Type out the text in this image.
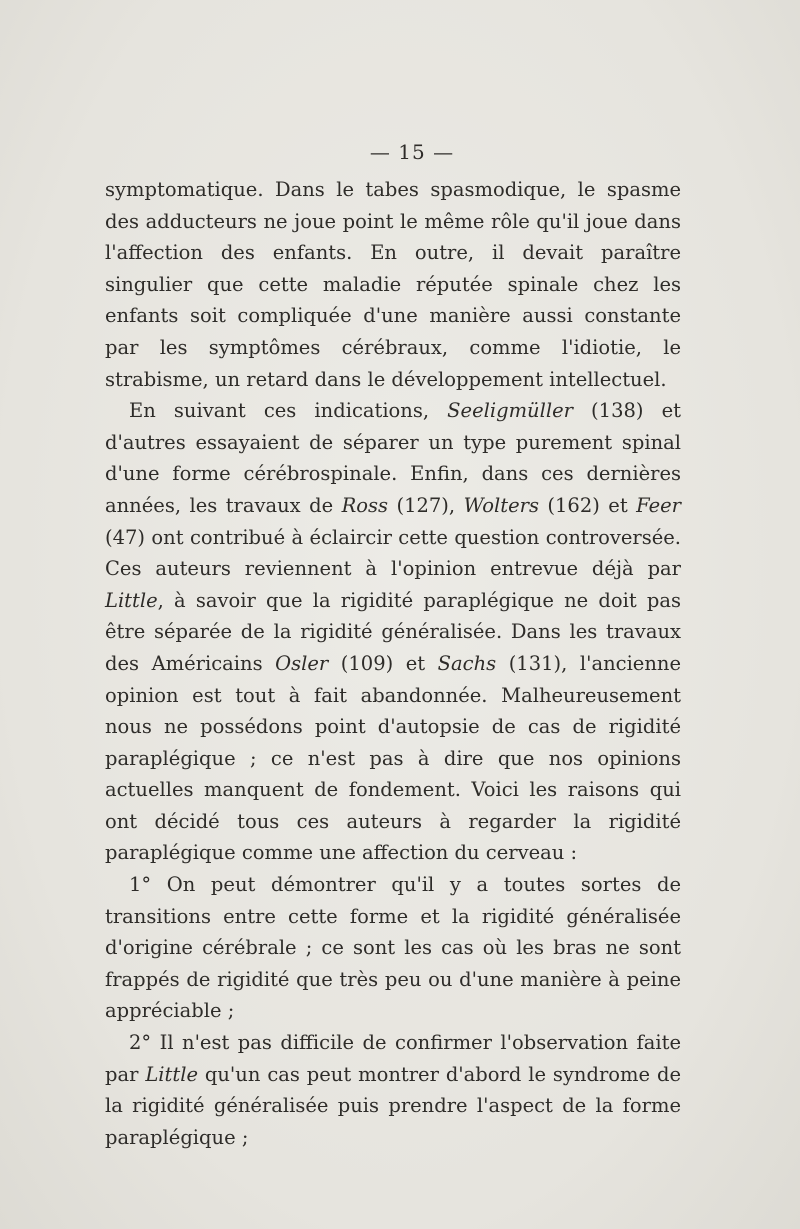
— 15 —

symptomatique. Dans le tabes spasmodique, le spasme des adducteurs ne joue point le même rôle qu'il joue dans l'affection des enfants. En outre, il devait paraître singulier que cette maladie réputée spinale chez les enfants soit compliquée d'une manière aussi constante par les symptômes cérébraux, comme l'idiotie, le strabisme, un retard dans le développement intellectuel.

En suivant ces indications, Seeligmüller (138) et d'autres essayaient de séparer un type purement spinal d'une forme cérébrospinale. Enfin, dans ces dernières années, les travaux de Ross (127), Wolters (162) et Feer (47) ont contribué à éclaircir cette question controversée. Ces auteurs reviennent à l'opinion entrevue déjà par Little, à savoir que la rigidité paraplégique ne doit pas être séparée de la rigidité généralisée. Dans les travaux des Américains Osler (109) et Sachs (131), l'ancienne opinion est tout à fait abandonnée. Malheureusement nous ne possédons point d'autopsie de cas de rigidité paraplégique ; ce n'est pas à dire que nos opinions actuelles manquent de fondement. Voici les raisons qui ont décidé tous ces auteurs à regarder la rigidité paraplégique comme une affection du cerveau :

1° On peut démontrer qu'il y a toutes sortes de transitions entre cette forme et la rigidité généralisée d'origine cérébrale ; ce sont les cas où les bras ne sont frappés de rigidité que très peu ou d'une manière à peine appréciable ;

2° Il n'est pas difficile de confirmer l'observation faite par Little qu'un cas peut montrer d'abord le syndrome de la rigidité généralisée puis prendre l'aspect de la forme paraplégique ;
